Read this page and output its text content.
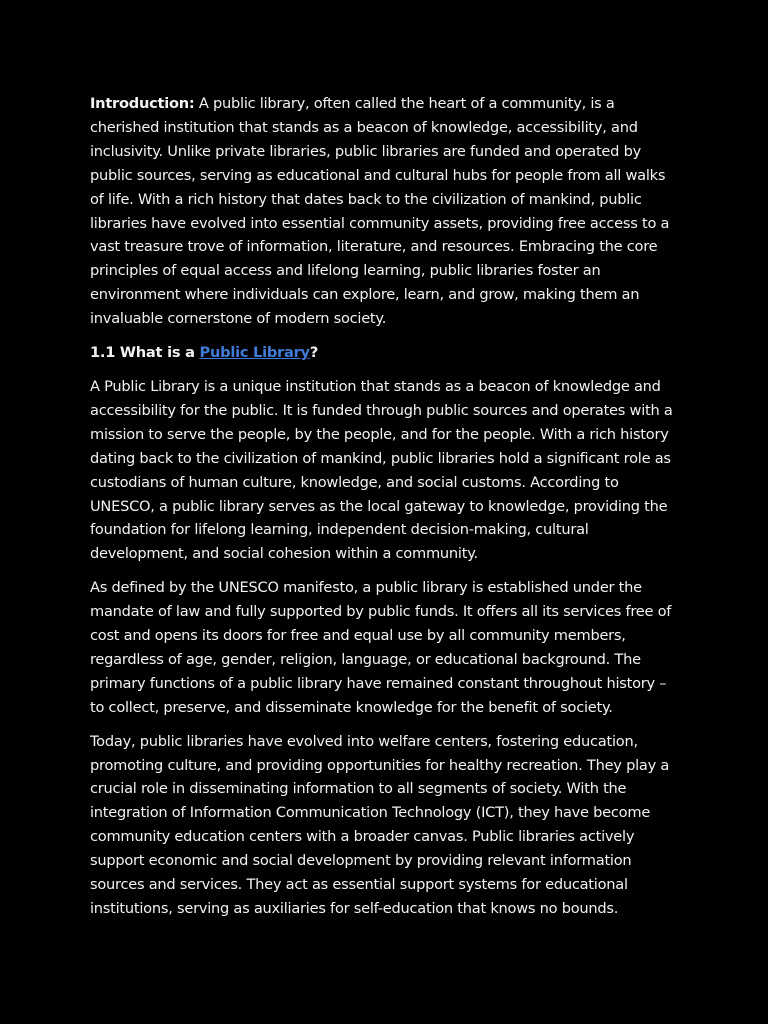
Introduction: A public library, often called the heart of a community, is a cherished institution that stands as a beacon of knowledge, accessibility, and inclusivity. Unlike private libraries, public libraries are funded and operated by public sources, serving as educational and cultural hubs for people from all walks of life. With a rich history that dates back to the civilization of mankind, public libraries have evolved into essential community assets, providing free access to a vast treasure trove of information, literature, and resources. Embracing the core principles of equal access and lifelong learning, public libraries foster an environment where individuals can explore, learn, and grow, making them an invaluable cornerstone of modern society.

1.1 What is a Public Library?

A Public Library is a unique institution that stands as a beacon of knowledge and accessibility for the public. It is funded through public sources and operates with a mission to serve the people, by the people, and for the people. With a rich history dating back to the civilization of mankind, public libraries hold a significant role as custodians of human culture, knowledge, and social customs. According to UNESCO, a public library serves as the local gateway to knowledge, providing the foundation for lifelong learning, independent decision-making, cultural development, and social cohesion within a community.

As defined by the UNESCO manifesto, a public library is established under the mandate of law and fully supported by public funds. It offers all its services free of cost and opens its doors for free and equal use by all community members, regardless of age, gender, religion, language, or educational background. The primary functions of a public library have remained constant throughout history – to collect, preserve, and disseminate knowledge for the benefit of society.

Today, public libraries have evolved into welfare centers, fostering education, promoting culture, and providing opportunities for healthy recreation. They play a crucial role in disseminating information to all segments of society. With the integration of Information Communication Technology (ICT), they have become community education centers with a broader canvas. Public libraries actively support economic and social development by providing relevant information sources and services. They act as essential support systems for educational institutions, serving as auxiliaries for self-education that knows no bounds.
